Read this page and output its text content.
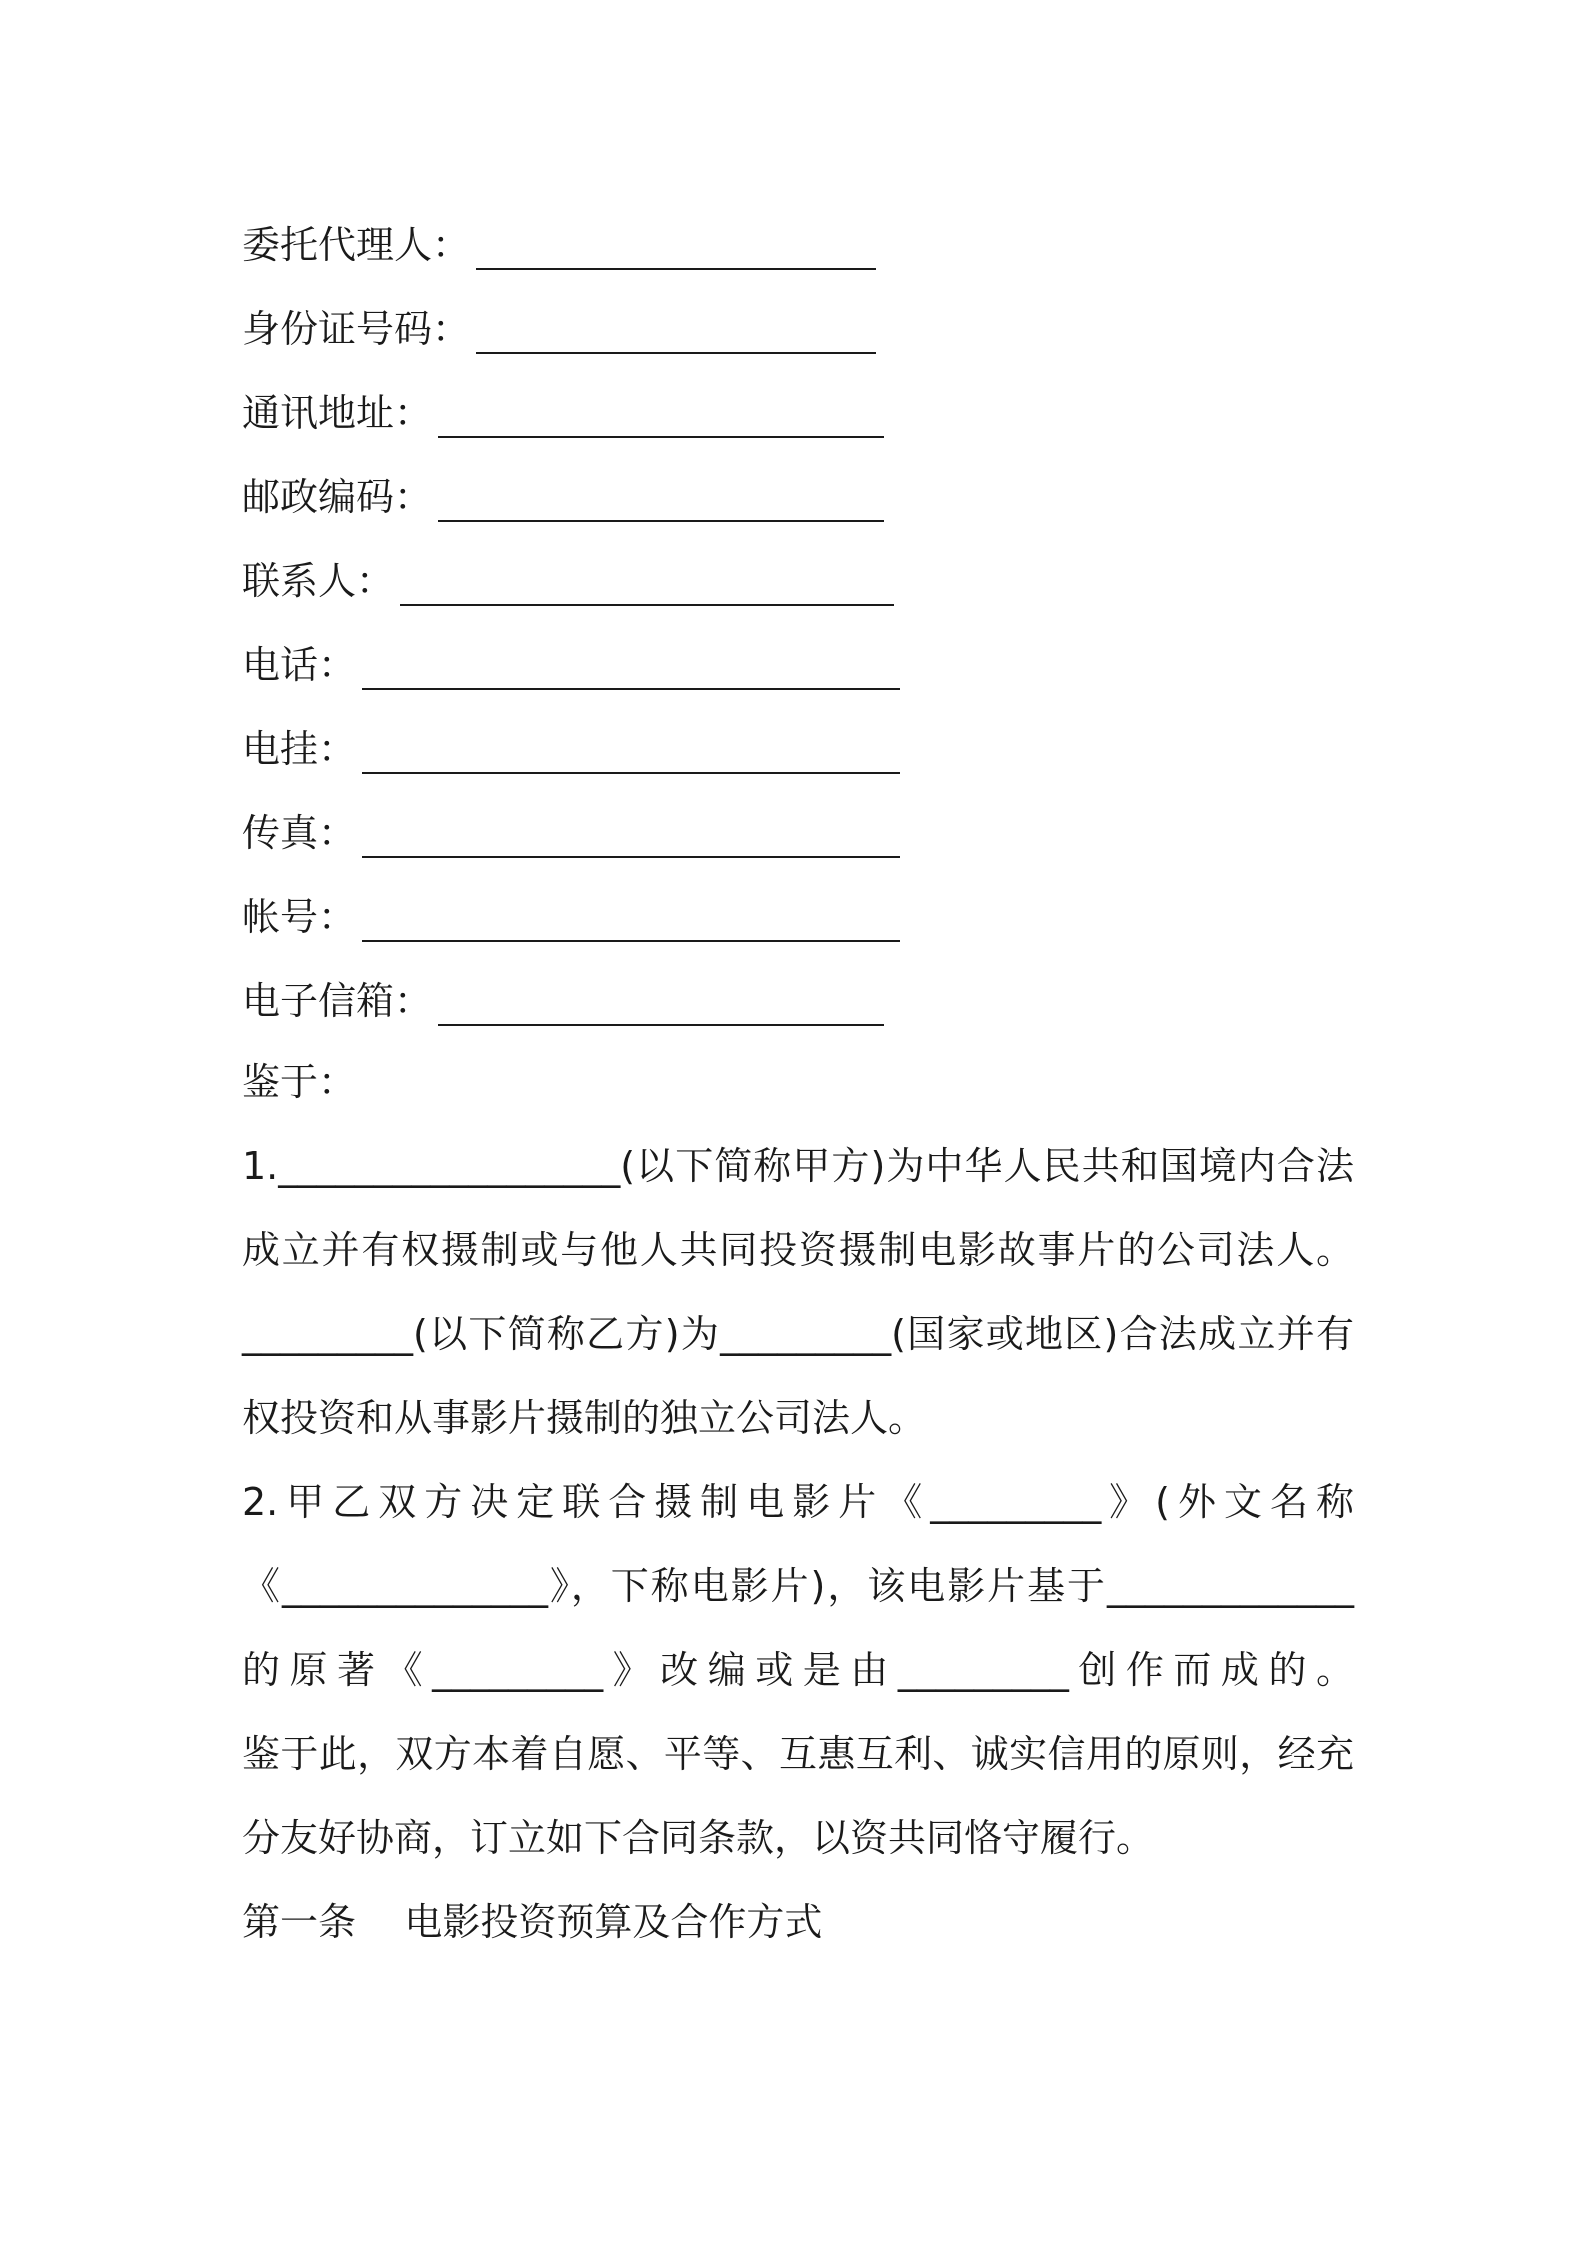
委托代理人：
身份证号码：
通讯地址：
邮政编码：
联系人：
电话：
电挂：
传真：
帐号：
电子信箱：

鉴于：

1.__________________(以下简称甲方)为中华人民共和国境内合法成立并有权摄制或与他人共同投资摄制电影故事片的公司法人。_________(以下简称乙方)为_________(国家或地区)合法成立并有权投资和从事影片摄制的独立公司法人。

2.甲乙双方决定联合摄制电影片《_________》(外文名称《______________》，下称电影片)，该电影片基于_____________的原著《_________》改编或是由_________创作而成的。

鉴于此，双方本着自愿、平等、互惠互利、诚实信用的原则，经充分友好协商，订立如下合同条款，以资共同恪守履行。

第一条    电影投资预算及合作方式
